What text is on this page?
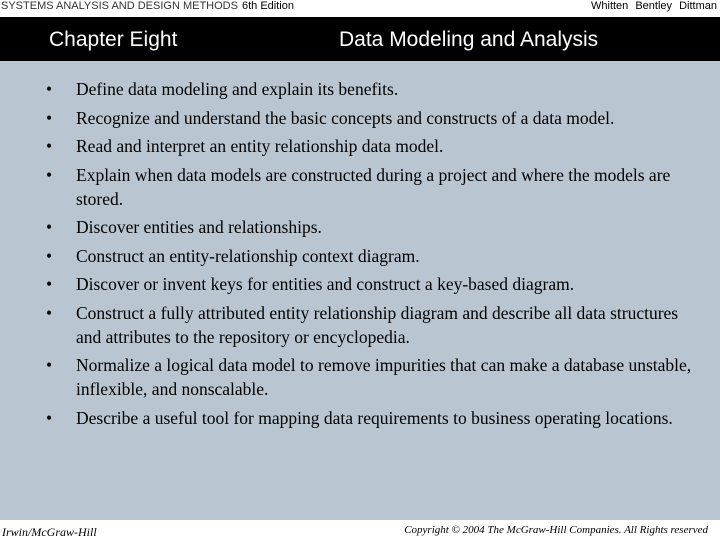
SYSTEMS ANALYSIS AND DESIGN METHODS 6th Edition	Whitten Bentley Dittman
Chapter Eight	Data Modeling and Analysis
• Define data modeling and explain its benefits.
• Recognize and understand the basic concepts and constructs of a data model.
• Read and interpret an entity relationship data model.
• Explain when data models are constructed during a project and where the models are stored.
• Discover entities and relationships.
• Construct an entity-relationship context diagram.
• Discover or invent keys for entities and construct a key-based diagram.
• Construct a fully attributed entity relationship diagram and describe all data structures and attributes to the repository or encyclopedia.
• Normalize a logical data model to remove impurities that can make a database unstable, inflexible, and nonscalable.
• Describe a useful tool for mapping data requirements to business operating locations.
Irwin/McGraw-Hill	Copyright © 2004 The McGraw-Hill Companies. All Rights reserved
